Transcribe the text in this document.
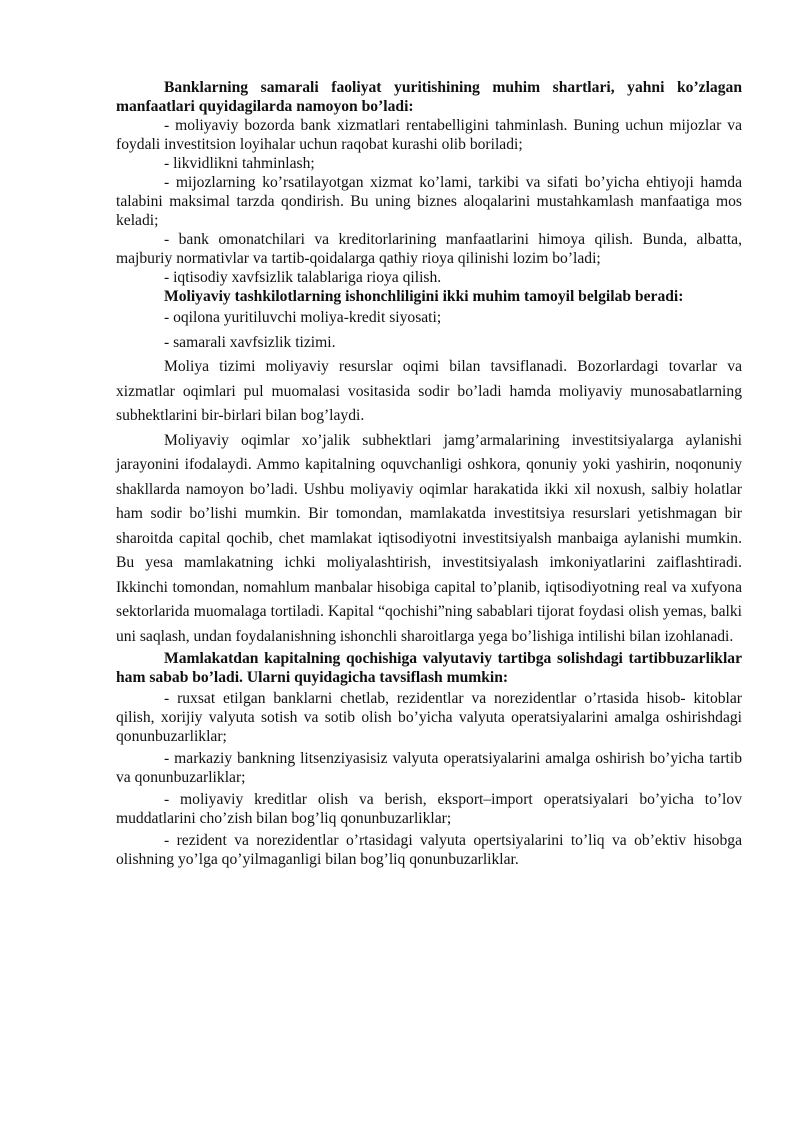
Banklarning samarali faoliyat yuritishining muhim shartlari, yahni ko’zlagan manfaatlari quyidagilarda namoyon bo’ladi:

- moliyaviy bozorda bank xizmatlari rentabelligini tahminlash. Buning uchun mijozlar va foydali investitsion loyihalar uchun raqobat kurashi olib boriladi;

- likvidlikni tahminlash;

- mijozlarning ko’rsatilayotgan xizmat ko’lami, tarkibi va sifati bo’yicha ehtiyoji hamda talabini maksimal tarzda qondirish. Bu uning biznes aloqalarini mustahkamlash manfaatiga mos keladi;

- bank omonatchilari va kreditorlarining manfaatlarini himoya qilish. Bunda, albatta, majburiy normativlar va tartib-qoidalarga qathiy rioya qilinishi lozim bo’ladi;

- iqtisodiy xavfsizlik talablariga rioya qilish.

Moliyaviy tashkilotlarning ishonchliligini ikki muhim tamoyil belgilab beradi:

- oqilona yuritiluvchi moliya-kredit siyosati;

- samarali xavfsizlik tizimi.

Moliya tizimi moliyaviy resurslar oqimi bilan tavsiflanadi. Bozorlardagi tovarlar va xizmatlar oqimlari pul muomalasi vositasida sodir bo’ladi hamda moliyaviy munosabatlarning subhektlarini bir-birlari bilan bog’laydi.

Moliyaviy oqimlar xo’jalik subhektlari jamg’armalarining investitsiyalarga aylanishi jarayonini ifodalaydi. Ammo kapitalning oquvchanligi oshkora, qonuniy yoki yashirin, noqonuniy shakllarda namoyon bo’ladi. Ushbu moliyaviy oqimlar harakatida ikki xil noxush, salbiy holatlar ham sodir bo’lishi mumkin. Bir tomondan, mamlakatda investitsiya resurslari yetishmagan bir sharoitda capital qochib, chet mamlakat iqtisodiyotni investitsiyalsh manbaiga aylanishi mumkin. Bu yesa mamlakatning ichki moliyalashtirish, investitsiyalash imkoniyatlarini zaiflashtiradi. Ikkinchi tomondan, nomahlum manbalar hisobiga capital to’planib, iqtisodiyotning real va xufyona sektorlarida muomalaga tortiladi. Kapital “qochishi”ning sabablari tijorat foydasi olish yemas, balki uni saqlash, undan foydalanishning ishonchli sharoitlarga yega bo’lishiga intilishi bilan izohlanadi.

Mamlakatdan kapitalning qochishiga valyutaviy tartibga solishdagi tartibbuzarliklar ham sabab bo’ladi. Ularni quyidagicha tavsiflash mumkin:

- ruxsat etilgan banklarni chetlab, rezidentlar va norezidentlar o’rtasida hisob- kitoblar qilish, xorijiy valyuta sotish va sotib olish bo’yicha valyuta operatsiyalarini amalga oshirishdagi qonunbuzarliklar;

- markaziy bankning litsenziyasisiz valyuta operatsiyalarini amalga oshirish bo’yicha tartib va qonunbuzarliklar;

- moliyaviy kreditlar olish va berish, eksport–import operatsiyalari bo’yicha to’lov muddatlarini cho’zish bilan bog’liq qonunbuzarliklar;

- rezident va norezidentlar o’rtasidagi valyuta opertsiyalarini to’liq va ob’ektiv hisobga olishning yo’lga qo’yilmaganligi bilan bog’liq qonunbuzarliklar.
